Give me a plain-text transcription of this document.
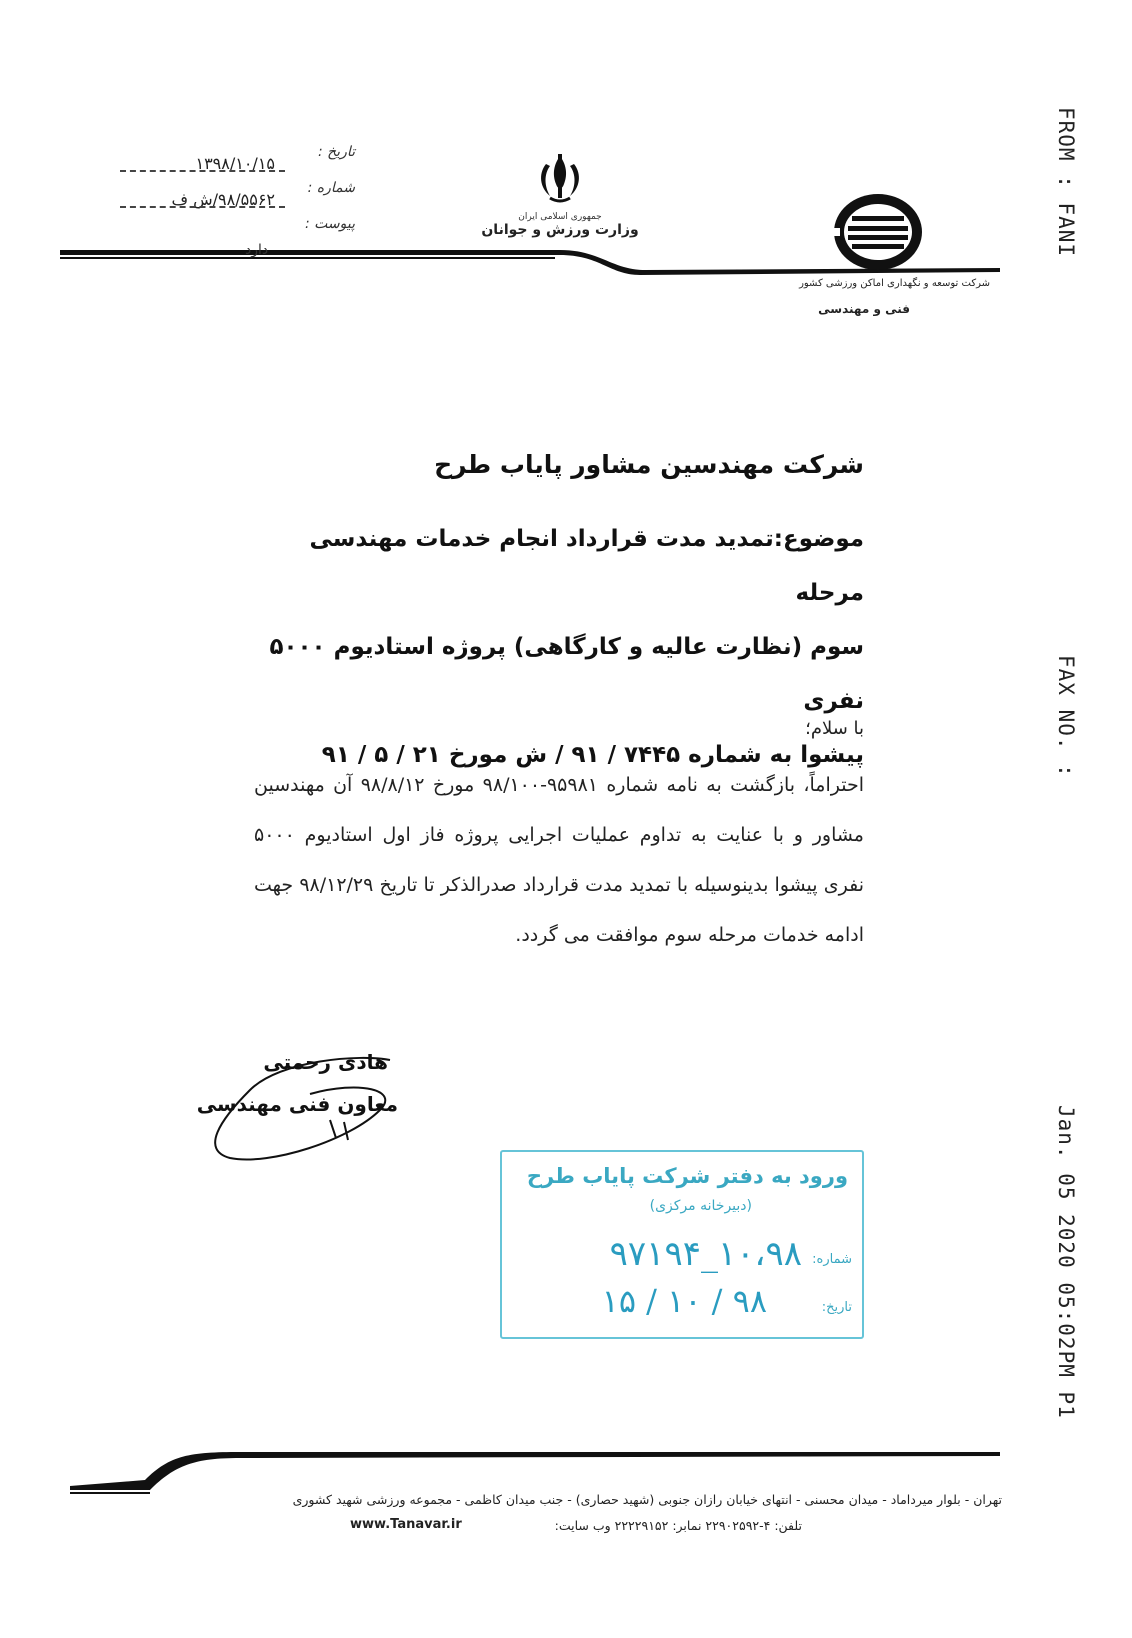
FROM : FANI
FAX NO. :
Jan. 05 2020 05:02PM P1
تاریخ :
۱۳۹۸/۱۰/۱۵
شماره :
۹۸/۵۵۶۲/ش ف
پیوست :
دارد
جمهوری اسلامی ایران
وزارت ورزش و جوانان
شرکت توسعه و نگهداری اماکن ورزشی کشور
فنی و مهندسی
شرکت مهندسین مشاور پایاب طرح
موضوع:تمدید مدت قرارداد انجام خدمات مهندسی مرحله
سوم (نظارت عالیه و کارگاهی) پروژه استادیوم ۵۰۰۰ نفری
پیشوا به شماره ۷۴۴۵ / ۹۱ / ش مورخ ۲۱ / ۵ / ۹۱
با سلام؛
احتراماً، بازگشت به نامه شماره ۹۵۹۸۱-۹۸/۱۰۰ مورخ ۹۸/۸/۱۲ آن مهندسین مشاور و با عنایت به تداوم عملیات اجرایی پروژه فاز اول استادیوم ۵۰۰۰ نفری پیشوا بدینوسیله با تمدید مدت قرارداد صدرالذکر تا تاریخ ۹۸/۱۲/۲۹ جهت ادامه خدمات مرحله سوم موافقت می گردد.
هادی رحمتی
معاون فنی مهندسی
ورود به دفتر شرکت پایاب طرح
(دبیرخانه مرکزی)
شماره:
۱۰،۹۸_۹۷۱۹۴
تاریخ:
۹۸ / ۱۰ / ۱۵
تهران - بلوار میرداماد - میدان محسنی - انتهای خیابان رازان جنوبی (شهید حصاری) - جنب میدان کاظمی - مجموعه ورزشی شهید کشوری
تلفن: ۴-۲۲۹۰۲۵۹۲ نمابر: ۲۲۲۲۹۱۵۲ وب سایت:
www.Tanavar.ir
